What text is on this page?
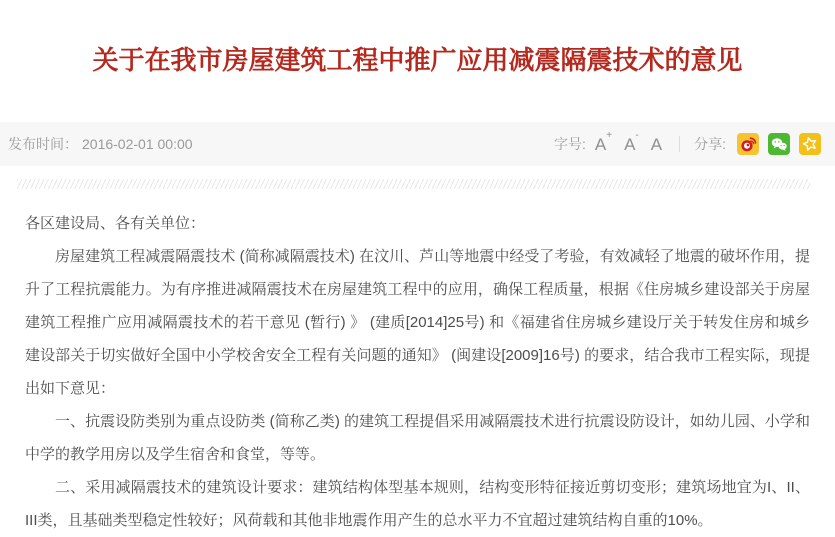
关于在我市房屋建筑工程中推广应用减震隔震技术的意见
发布时间： 2016-02-01 00:00	字号: A+ A- A 分享:

各区建设局、各有关单位：

房屋建筑工程减震隔震技术 (简称减隔震技术) 在汶川、芦山等地震中经受了考验，有效减轻了地震的破坏作用，提升了工程抗震能力。为有序推进减隔震技术在房屋建筑工程中的应用，确保工程质量，根据《住房城乡建设部关于房屋建筑工程推广应用减隔震技术的若干意见 (暂行) 》 (建质[2014]25号) 和《福建省住房城乡建设厅关于转发住房和城乡建设部关于切实做好全国中小学校舍安全工程有关问题的通知》 (闽建设[2009]16号) 的要求，结合我市工程实际，现提出如下意见：

一、抗震设防类别为重点设防类 (简称乙类) 的建筑工程提倡采用减隔震技术进行抗震设防设计，如幼儿园、小学和中学的教学用房以及学生宿舍和食堂，等等。

二、采用减隔震技术的建筑设计要求：建筑结构体型基本规则，结构变形特征接近剪切变形；建筑场地宜为I、II、III类，且基础类型稳定性较好；风荷载和其他非地震作用产生的总水平力不宜超过建筑结构自重的10%。
